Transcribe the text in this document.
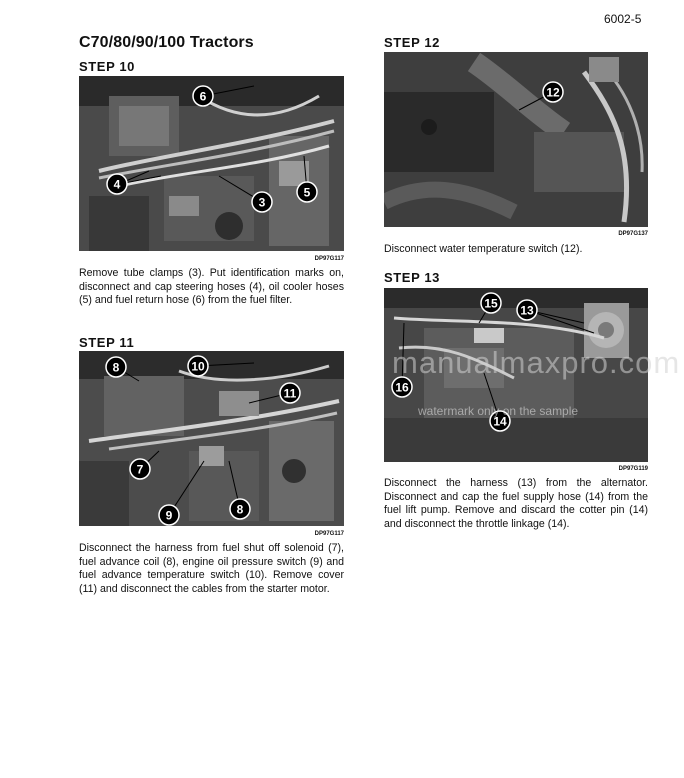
6002-5
C70/80/90/100 Tractors
STEP 10
6
4
3
5
DP97G117
Remove tube clamps (3). Put identification marks on, disconnect and cap steering hoses (4), oil cooler hoses (5) and fuel return hose (6) from the fuel filter.
STEP 11
8	10
11
7
9	8
DP97G117
Disconnect the harness from fuel shut off solenoid (7), fuel advance coil (8), engine oil pressure switch (9) and fuel advance temperature switch (10). Remove cover (11) and disconnect the cables from the starter motor.
STEP 12
12
DP97G137
Disconnect water temperature switch (12).
STEP 13
15 13
16
14
DP97G119
Disconnect the harness (13) from the alternator. Disconnect and cap the fuel supply hose (14) from the fuel lift pump. Remove and discard the cotter pin (14) and disconnect the throttle linkage (14).
manualmaxpro.com
watermark only on the sample
